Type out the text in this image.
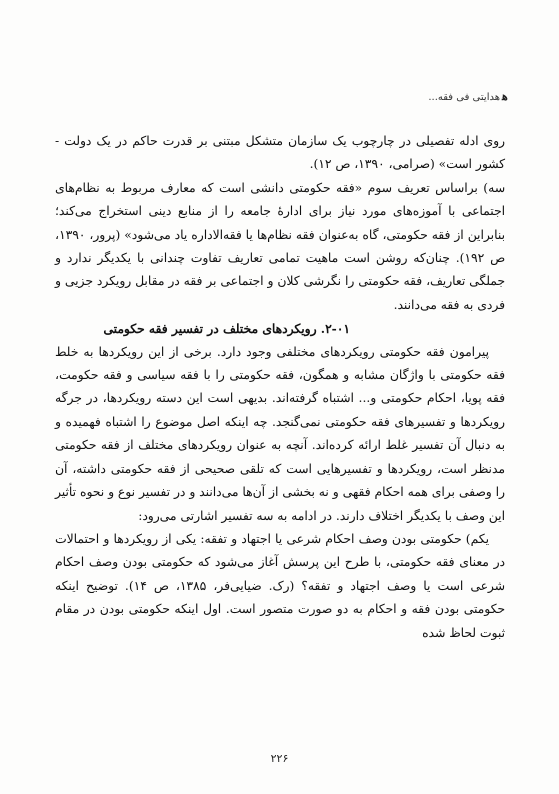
ﻫ
هدایتی فی فقه...

روی ادله تفصیلی در چارچوب یک سازمان متشکل مبتنی بر قدرت حاکم در یک دولت - کشور است» (صرامی، ۱۳۹۰، ص ۱۲).

سه) براساس تعریف سوم «فقه حکومتی دانشی است که معارف مربوط به نظام‌های اجتماعی با آموزه‌های مورد نیاز برای ادارهٔ جامعه را از منابع دینی استخراج می‌کند؛ بنابراین از فقه حکومتی، گاه به‌عنوان فقه نظام‌ها یا فقه‌الاداره یاد می‌شود» (پرور، ۱۳۹۰، ص ۱۹۲). چنان‌که روشن است ماهیت تمامی تعاریف تفاوت چندانی با یکدیگر ندارد و جملگی تعاریف، فقه حکومتی را نگرشی کلان و اجتماعی بر فقه در مقابل رویکرد جزیی و فردی به فقه می‌دانند.

۲-۰۱. رویکردهای مختلف در تفسیر فقه حکومتی

پیرامون فقه حکومتی رویکردهای مختلفی وجود دارد. برخی از این رویکردها به خلط فقه حکومتی با واژگان مشابه و همگون، فقه حکومتی را با فقه سیاسی و فقه حکومت، فقه پویا، احکام حکومتی و... اشتباه گرفته‌اند. بدیهی است این دسته رویکردها، در جرگه رویکردها و تفسیرهای فقه حکومتی نمی‌گنجد. چه اینکه اصل موضوع را اشتباه فهمیده و به دنبال آن تفسیر غلط ارائه کرده‌اند. آنچه به عنوان رویکردهای مختلف از فقه حکومتی مدنظر است، رویکردها و تفسیرهایی است که تلقی صحیحی از فقه حکومتی داشته، آن را وصفی برای همه احکام فقهی و نه بخشی از آن‌ها می‌دانند و در تفسیر نوع و نحوه تأثیر این وصف با یکدیگر اختلاف دارند. در ادامه به سه تفسیر اشارتی می‌رود:

یکم) حکومتی بودن وصف احکام شرعی یا اجتهاد و تفقه: یکی از رویکردها و احتمالات در معنای فقه حکومتی، با طرح این پرسش آغاز می‌شود که حکومتی بودن وصف احکام شرعی است یا وصف اجتهاد و تفقه؟ (رک. ضیایی‌فر، ۱۳۸۵، ص ۱۴). توضیح اینکه حکومتی بودن فقه و احکام به دو صورت متصور است. اول اینکه حکومتی بودن در مقام ثبوت لحاظ شده

۲۲۶
